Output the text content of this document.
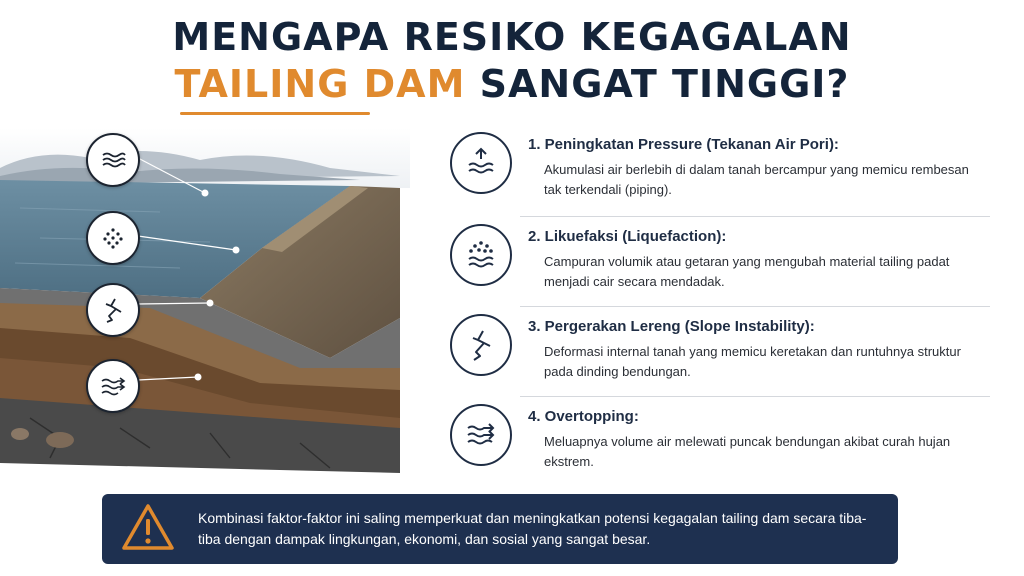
MENGAPA RESIKO KEGAGALAN
TAILING DAM SANGAT TINGGI?
1. Peningkatan Pressure (Tekanan Air Pori):
Akumulasi air berlebih di dalam tanah bercampur yang memicu rembesan tak terkendali (piping).
2. Likuefaksi (Liquefaction):
Campuran volumik atau getaran yang mengubah material tailing padat menjadi cair secara mendadak.
3. Pergerakan Lereng (Slope Instability):
Deformasi internal tanah yang memicu keretakan dan runtuhnya struktur pada dinding bendungan.
4. Overtopping:
Meluapnya volume air melewati puncak bendungan akibat curah hujan ekstrem.
Kombinasi faktor-faktor ini saling memperkuat dan meningkatkan potensi kegagalan tailing dam secara tiba-tiba dengan dampak lingkungan, ekonomi, dan sosial yang sangat besar.
